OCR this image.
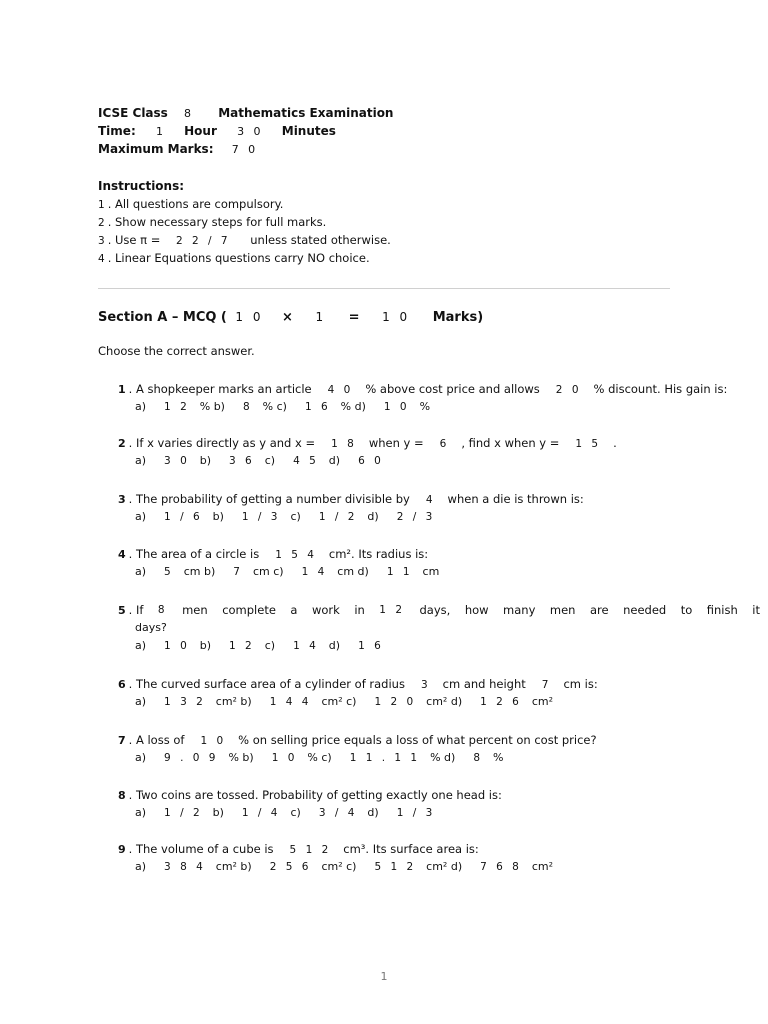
ICSE Class 8 Mathematics Examination
Time: 1 Hour 3 0 Minutes
Maximum Marks: 7 0
Instructions:
1. All questions are compulsory.
2. Show necessary steps for full marks.
3. Use π = 2 2 / 7 unless stated otherwise.
4. Linear Equations questions carry NO choice.
Section A – MCQ ( 1 0 × 1 = 1 0 Marks)
Choose the correct answer.
1. A shopkeeper marks an article 4 0 % above cost price and allows 2 0 % discount. His gain is:
a) 1 2 % b) 8 % c) 1 6 % d) 1 0 %
2. If x varies directly as y and x = 1 8 when y = 6 , find x when y = 1 5 .
a) 3 0 b) 3 6 c) 4 5 d) 6 0
3. The probability of getting a number divisible by 4 when a die is thrown is:
a) 1 / 6 b) 1 / 3 c) 1 / 2 d) 2 / 3
4. The area of a circle is 1 5 4 cm². Its radius is:
a) 5 cm b) 7 cm c) 1 4 cm d) 1 1 cm
5. If 8 men complete a work in 1 2 days, how many men are needed to finish it
days?
a) 1 0 b) 1 2 c) 1 4 d) 1 6
6. The curved surface area of a cylinder of radius 3 cm and height 7 cm is:
a) 1 3 2 cm² b) 1 4 4 cm² c) 1 2 0 cm² d) 1 2 6 cm²
7. A loss of 1 0 % on selling price equals a loss of what percent on cost price?
a) 9 . 0 9 % b) 1 0 % c) 1 1 . 1 1 % d) 8 %
8. Two coins are tossed. Probability of getting exactly one head is:
a) 1 / 2 b) 1 / 4 c) 3 / 4 d) 1 / 3
9. The volume of a cube is 5 1 2 cm³. Its surface area is:
a) 3 8 4 cm² b) 2 5 6 cm² c) 5 1 2 cm² d) 7 6 8 cm²
1
